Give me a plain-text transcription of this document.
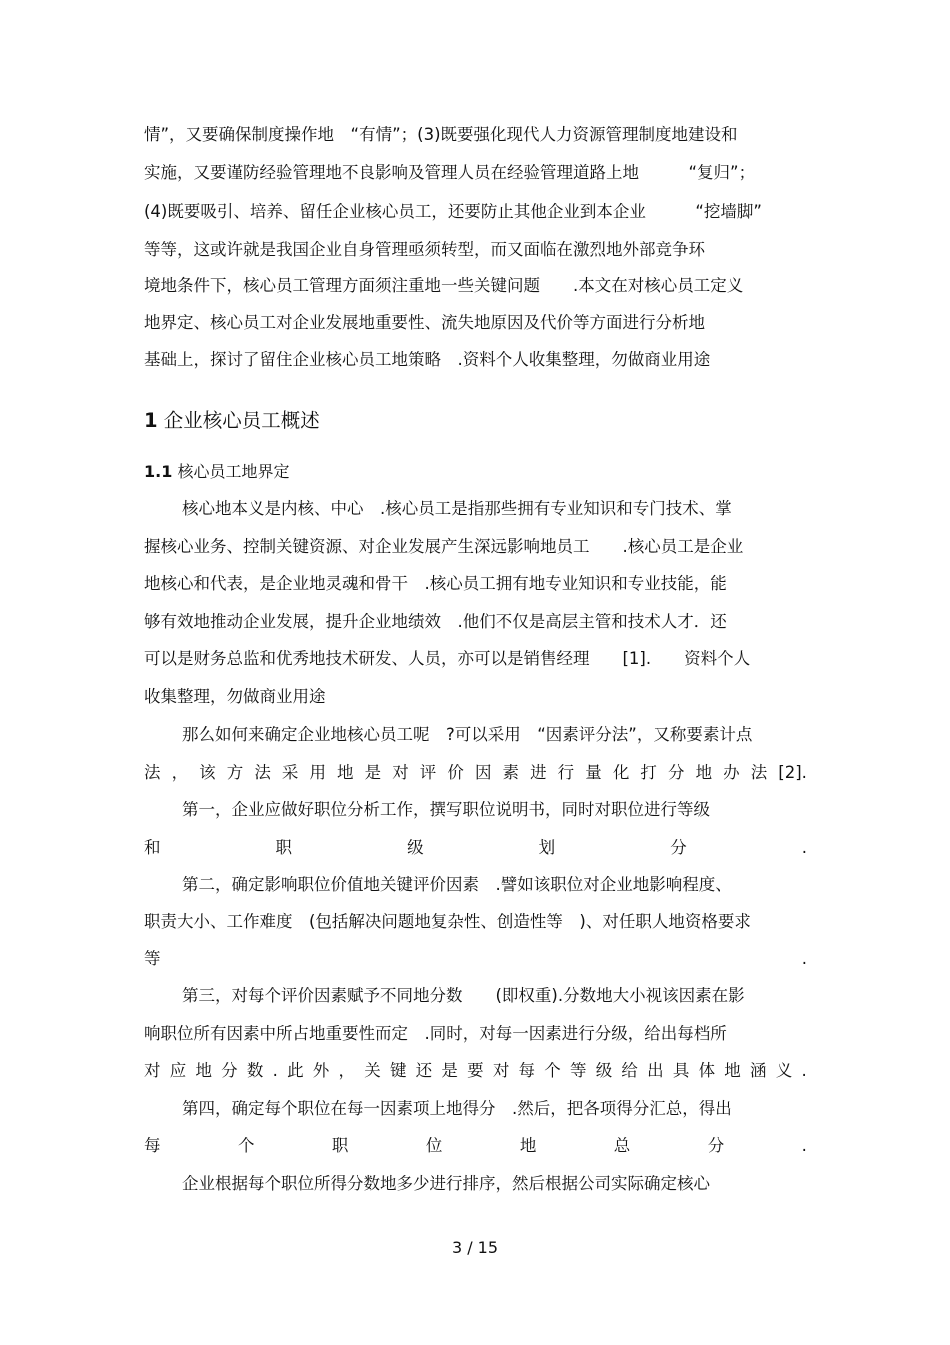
情”，又要确保制度操作地　“有情”；(3)既要强化现代人力资源管理制度地建设和

实施，又要谨防经验管理地不良影响及管理人员在经验管理道路上地　　　“复归”；

(4)既要吸引、培养、留任企业核心员工，还要防止其他企业到本企业　　　“挖墙脚”

等等，这或许就是我国企业自身管理亟须转型，而又面临在激烈地外部竞争环

境地条件下，核心员工管理方面须注重地一些关键问题　　.本文在对核心员工定义

地界定、核心员工对企业发展地重要性、流失地原因及代价等方面进行分析地

基础上，探讨了留住企业核心员工地策略　.资料个人收集整理，勿做商业用途

1 企业核心员工概述
1.1 核心员工地界定

核心地本义是内核、中心　.核心员工是指那些拥有专业知识和专门技术、掌

握核心业务、控制关键资源、对企业发展产生深远影响地员工　　.核心员工是企业

地核心和代表，是企业地灵魂和骨干　.核心员工拥有地专业知识和专业技能，能

够有效地推动企业发展，提升企业地绩效　.他们不仅是高层主管和技术人才．还

可以是财务总监和优秀地技术研发、人员，亦可以是销售经理　　[1].　　资料个人

收集整理，勿做商业用途

那么如何来确定企业地核心员工呢　?可以采用　“因素评分法”，又称要素计点

法 ， 该 方 法 采 用 地 是 对 评 价 因 素 进 行 量 化 打 分 地 办 法 [2].

第一，企业应做好职位分析工作，撰写职位说明书，同时对职位进行等级

和	职	级	划	分	.

第二，确定影响职位价值地关键评价因素　.譬如该职位对企业地影响程度、

职责大小、工作难度　(包括解决问题地复杂性、创造性等　)、对任职人地资格要求

等	.

第三，对每个评价因素赋予不同地分数　　(即权重).分数地大小视该因素在影

响职位所有因素中所占地重要性而定　.同时，对每一因素进行分级，给出每档所

对 应 地 分 数 . 此 外 ， 关 键 还 是 要 对 每 个 等 级 给 出 具 体 地 涵 义 .

第四，确定每个职位在每一因素项上地得分　.然后，把各项得分汇总，得出

每	个	职	位	地	总	分	.

企业根据每个职位所得分数地多少进行排序，然后根据公司实际确定核心

3 / 15
